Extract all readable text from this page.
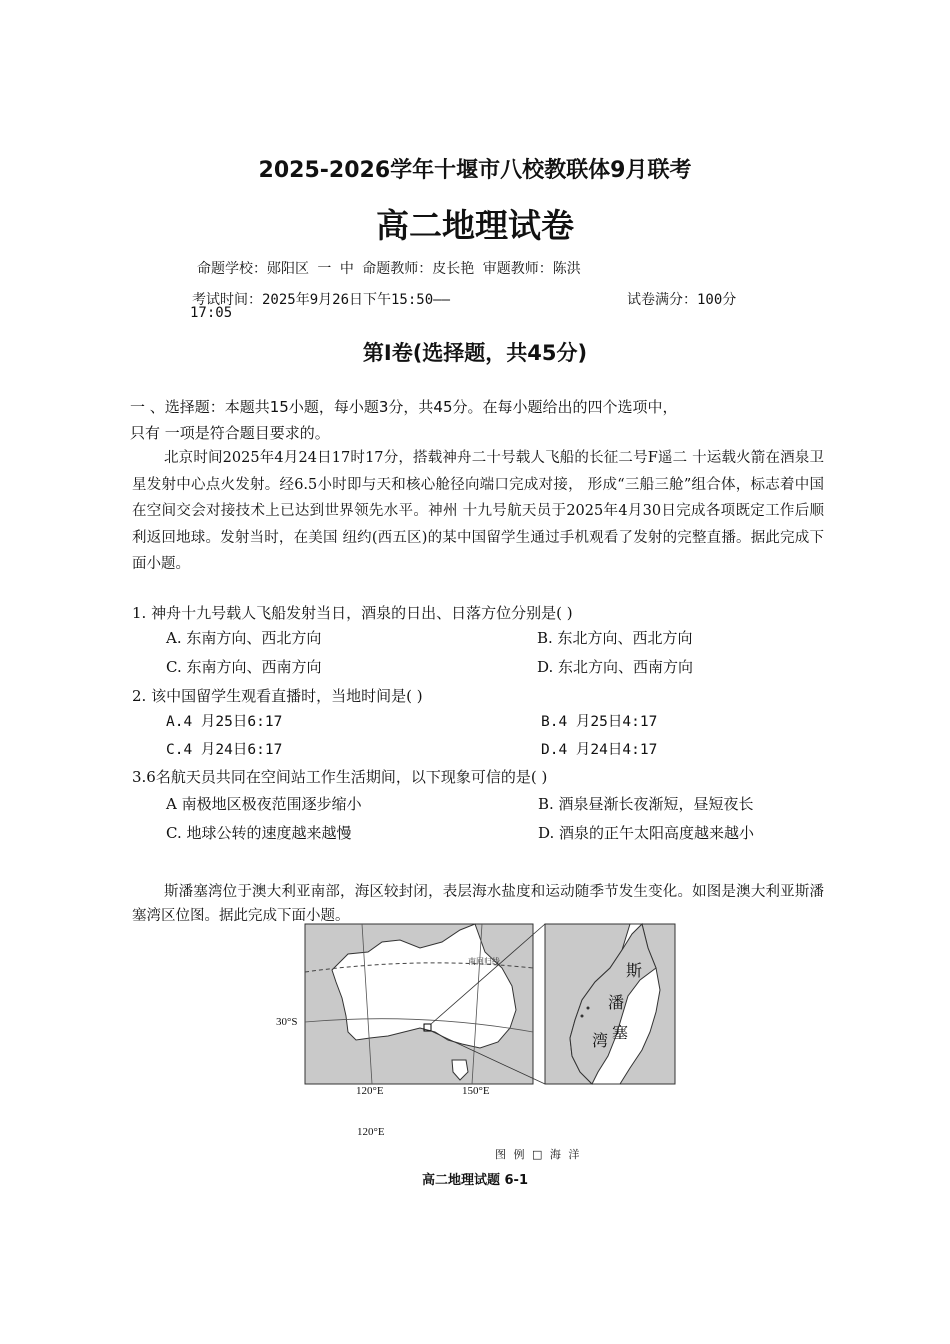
2025-2026学年十堰市八校教联体9月联考
高二地理试卷
命题学校：郧阳区 一 中 命题教师：皮长艳 审题教师：陈洪
考试时间：2025年9月26日下午15:50——
17:05
试卷满分：100分
第Ⅰ卷(选择题，共45分)
一 、选择题：本题共15小题，每小题3分，共45分。在每小题给出的四个选项中，
只有 一项是符合题目要求的。
北京时间2025年4月24日17时17分，搭载神舟二十号载人飞船的长征二号F遥二 十运载火箭在酒泉卫星发射中心点火发射。经6.5小时即与天和核心舱径向端口完成对接， 形成“三船三舱”组合体，标志着中国在空间交会对接技术上已达到世界领先水平。神州 十九号航天员于2025年4月30日完成各项既定工作后顺利返回地球。发射当时，在美国 纽约(西五区)的某中国留学生通过手机观看了发射的完整直播。据此完成下面小题。
1. 神舟十九号载人飞船发射当日，酒泉的日出、日落方位分别是( )
A. 东南方向、西北方向	B. 东北方向、西北方向
C. 东南方向、西南方向	D. 东北方向、西南方向
2. 该中国留学生观看直播时，当地时间是( )
A.4 月25日6:17	B.4 月25日4:17
C.4 月24日6:17	D.4 月24日4:17
3.6名航天员共同在空间站工作生活期间，以下现象可信的是( )
A 南极地区极夜范围逐步缩小	B. 酒泉昼渐长夜渐短，昼短夜长
C. 地球公转的速度越来越慢	D. 酒泉的正午太阳高度越来越小
斯潘塞湾位于澳大利亚南部，海区较封闭，表层海水盐度和运动随季节发生变化。如图是澳大利亚斯潘塞湾区位图。据此完成下面小题。
南回归线	斯
潘
塞
湾
30°S
120°E	150°E
120°E
图 例 □ 海 洋
高二地理试题 6-1
